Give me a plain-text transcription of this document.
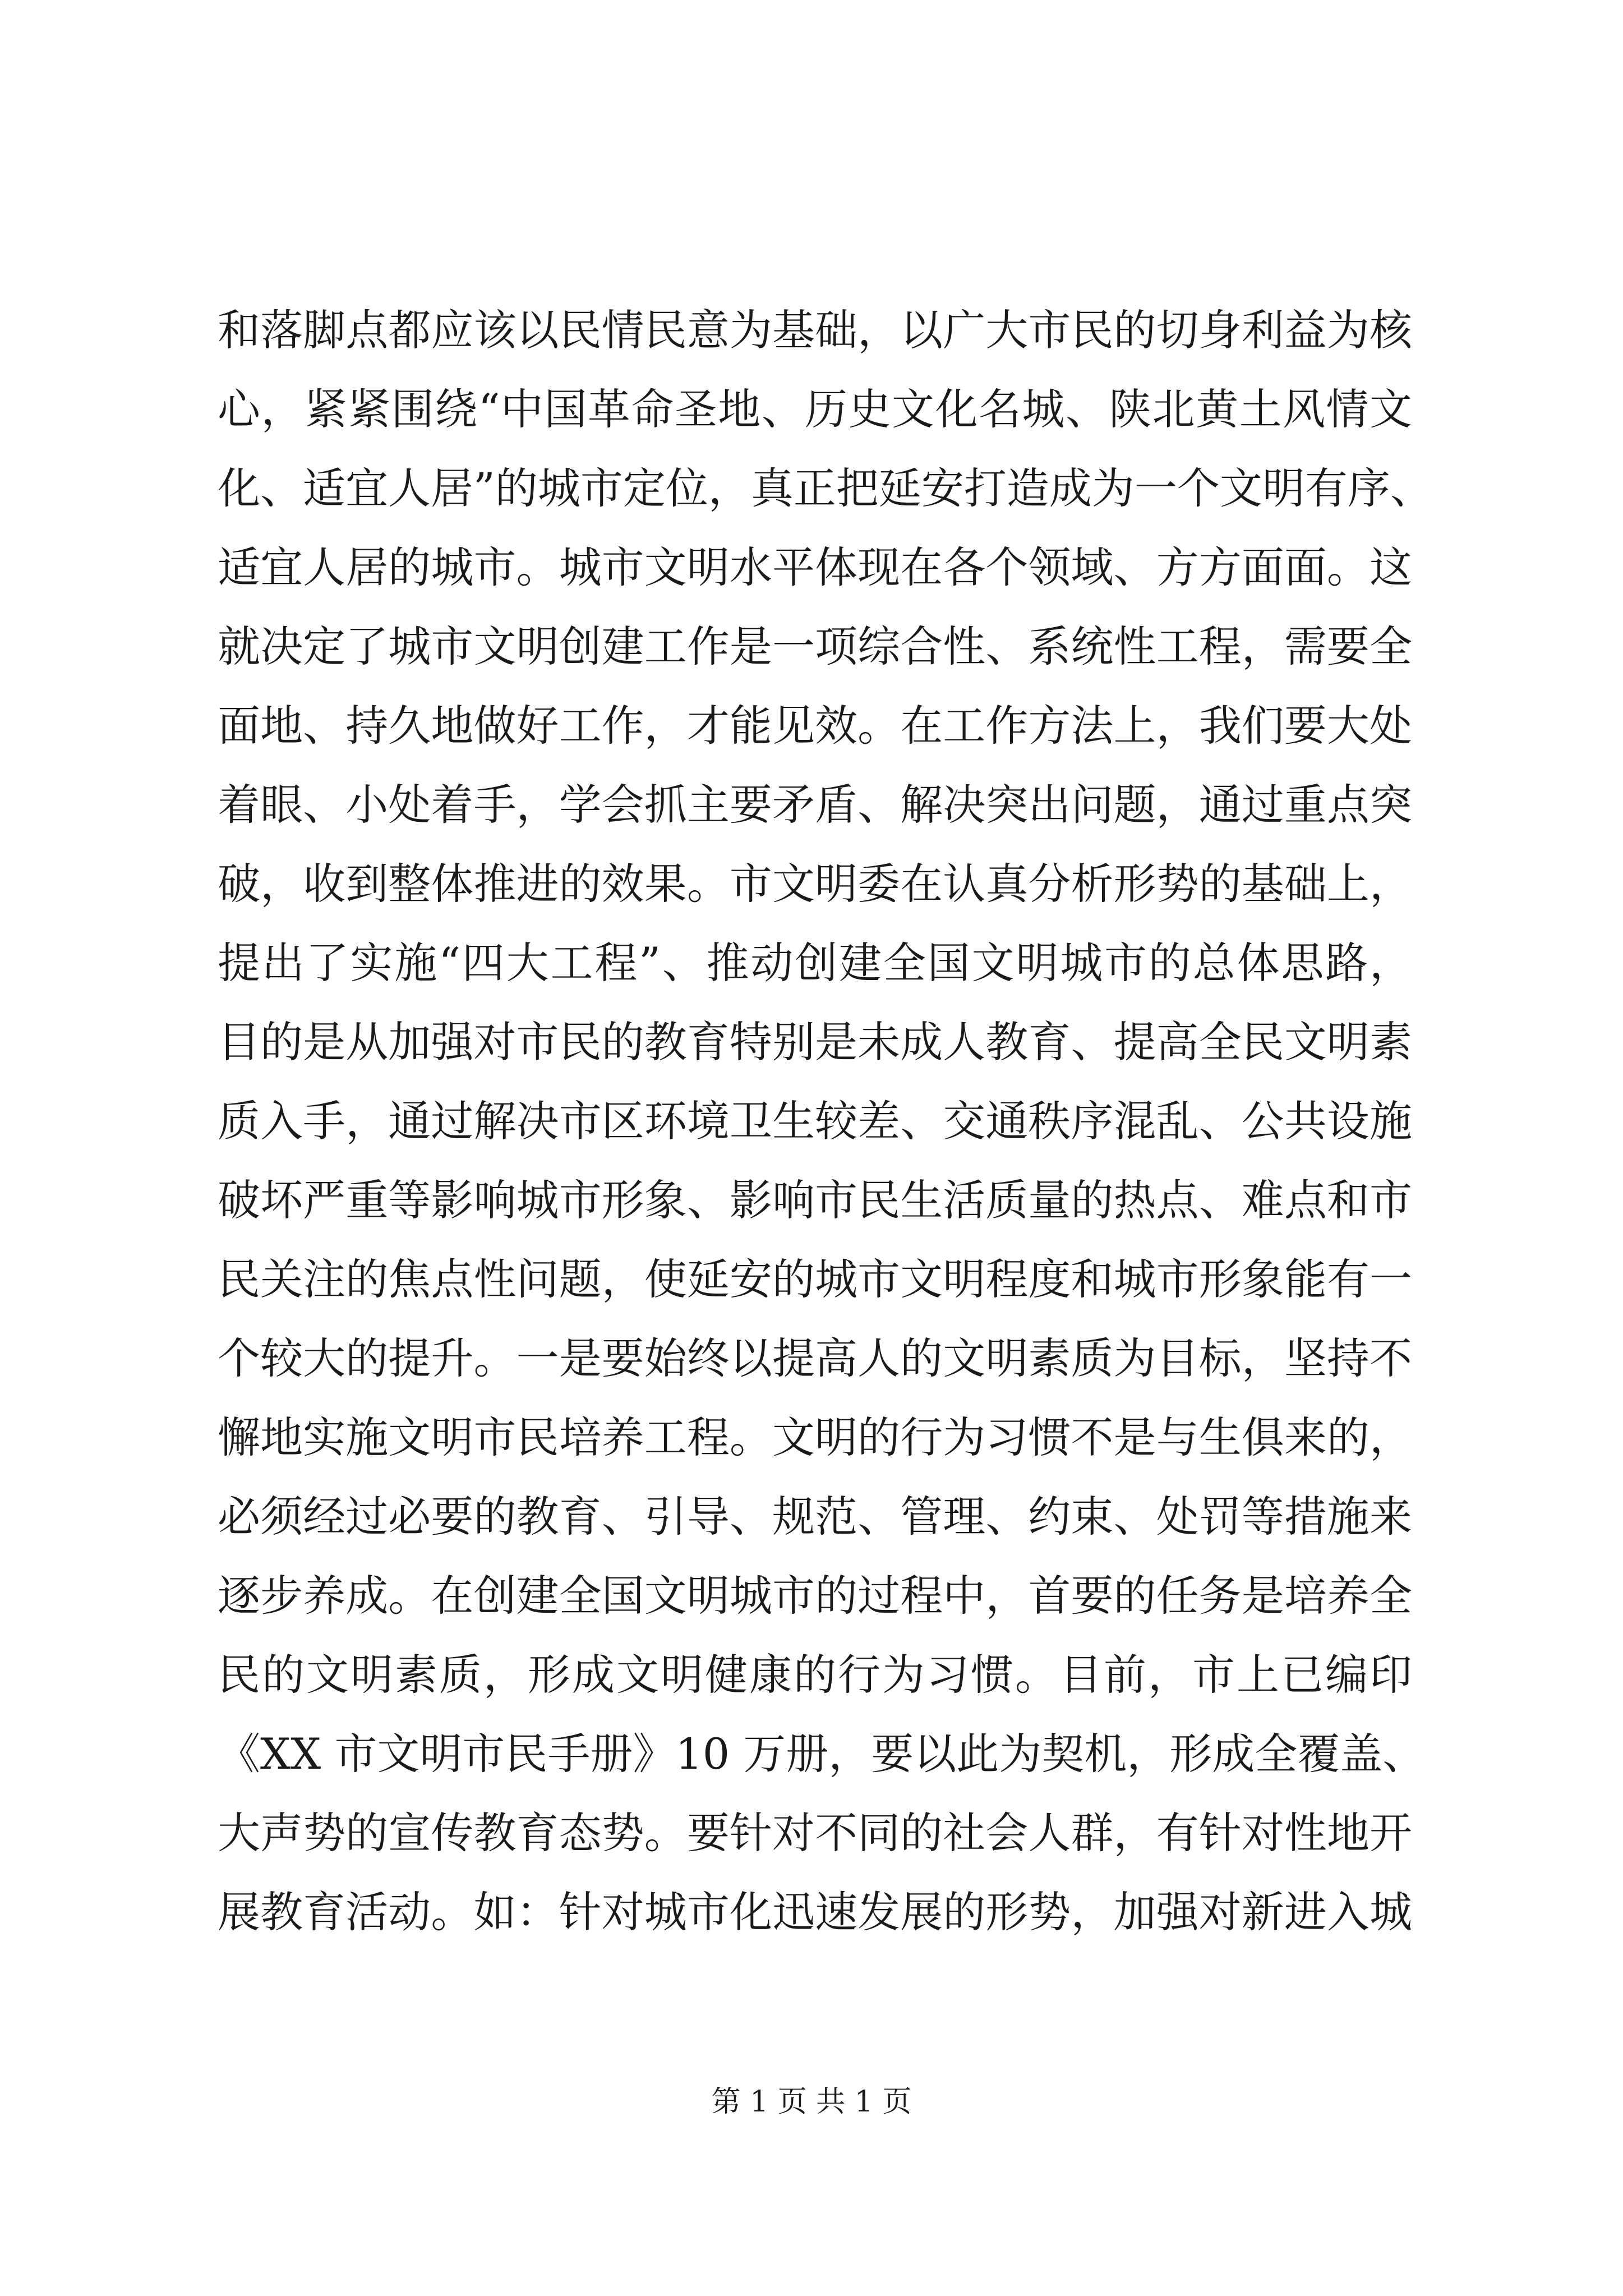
和落脚点都应该以民情民意为基础，以广大市民的切身利益为核
心，紧紧围绕“中国革命圣地、历史文化名城、陕北黄土风情文
化、适宜人居”的城市定位，真正把延安打造成为一个文明有序、
适宜人居的城市。城市文明水平体现在各个领域、方方面面。这
就决定了城市文明创建工作是一项综合性、系统性工程，需要全
面地、持久地做好工作，才能见效。在工作方法上，我们要大处
着眼、小处着手，学会抓主要矛盾、解决突出问题，通过重点突
破，收到整体推进的效果。市文明委在认真分析形势的基础上，
提出了实施“四大工程”、推动创建全国文明城市的总体思路，
目的是从加强对市民的教育特别是未成人教育、提高全民文明素
质入手，通过解决市区环境卫生较差、交通秩序混乱、公共设施
破坏严重等影响城市形象、影响市民生活质量的热点、难点和市
民关注的焦点性问题，使延安的城市文明程度和城市形象能有一
个较大的提升。一是要始终以提高人的文明素质为目标，坚持不
懈地实施文明市民培养工程。文明的行为习惯不是与生俱来的，
必须经过必要的教育、引导、规范、管理、约束、处罚等措施来
逐步养成。在创建全国文明城市的过程中，首要的任务是培养全
民的文明素质，形成文明健康的行为习惯。目前，市上已编印
《XX 市文明市民手册》10 万册，要以此为契机，形成全覆盖、
大声势的宣传教育态势。要针对不同的社会人群，有针对性地开
展教育活动。如：针对城市化迅速发展的形势，加强对新进入城
第 1 页 共 1 页
